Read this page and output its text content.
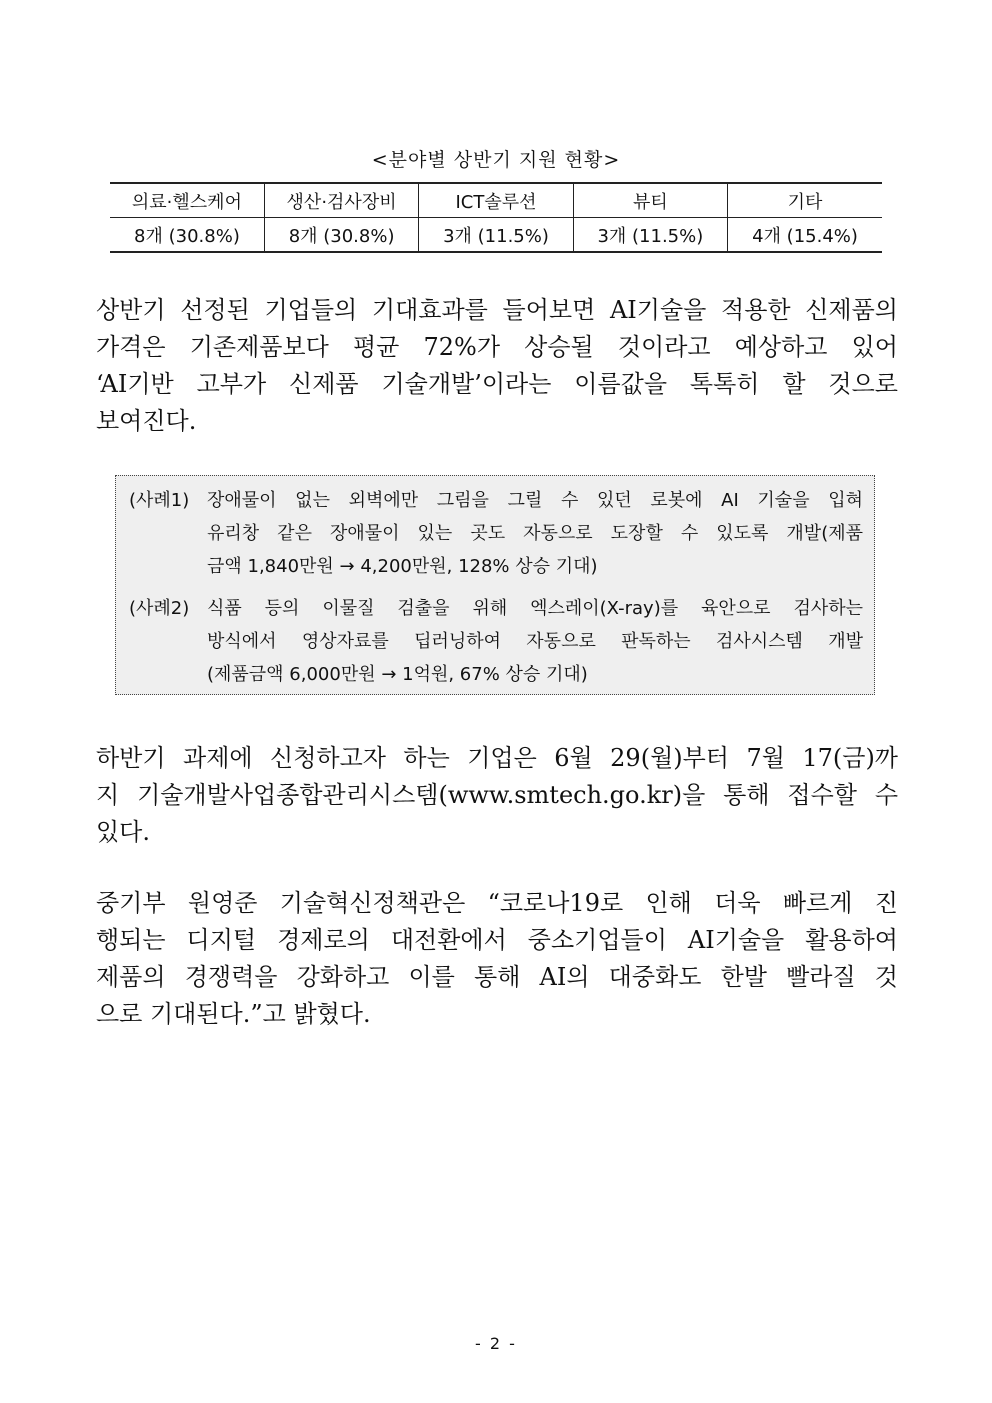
<분야별 상반기 지원 현황>
의료·헬스케어	생산·검사장비	ICT솔루션	뷰티	기타
8개 (30.8%)	8개 (30.8%)	3개 (11.5%)	3개 (11.5%)	4개 (15.4%)
상반기 선정된 기업들의 기대효과를 들어보면 AI기술을 적용한 신제품의
가격은 기존제품보다 평균 72%가 상승될 것이라고 예상하고 있어
‘AI기반 고부가 신제품 기술개발’이라는 이름값을 톡톡히 할 것으로
보여진다.
(사례1) 장애물이 없는 외벽에만 그림을 그릴 수 있던 로봇에 AI 기술을 입혀
유리창 같은 장애물이 있는 곳도 자동으로 도장할 수 있도록 개발(제품
금액 1,840만원 → 4,200만원, 128% 상승 기대)
(사례2) 식품 등의 이물질 검출을 위해 엑스레이(X-ray)를 육안으로 검사하는
방식에서 영상자료를 딥러닝하여 자동으로 판독하는 검사시스템 개발
(제품금액 6,000만원 → 1억원, 67% 상승 기대)
하반기 과제에 신청하고자 하는 기업은 6월 29(월)부터 7월 17(금)까
지 기술개발사업종합관리시스템(www.smtech.go.kr)을 통해 접수할 수
있다.
중기부 원영준 기술혁신정책관은 “코로나19로 인해 더욱 빠르게 진
행되는 디지털 경제로의 대전환에서 중소기업들이 AI기술을 활용하여
제품의 경쟁력을 강화하고 이를 통해 AI의 대중화도 한발 빨라질 것
으로 기대된다.”고 밝혔다.
- 2 -
